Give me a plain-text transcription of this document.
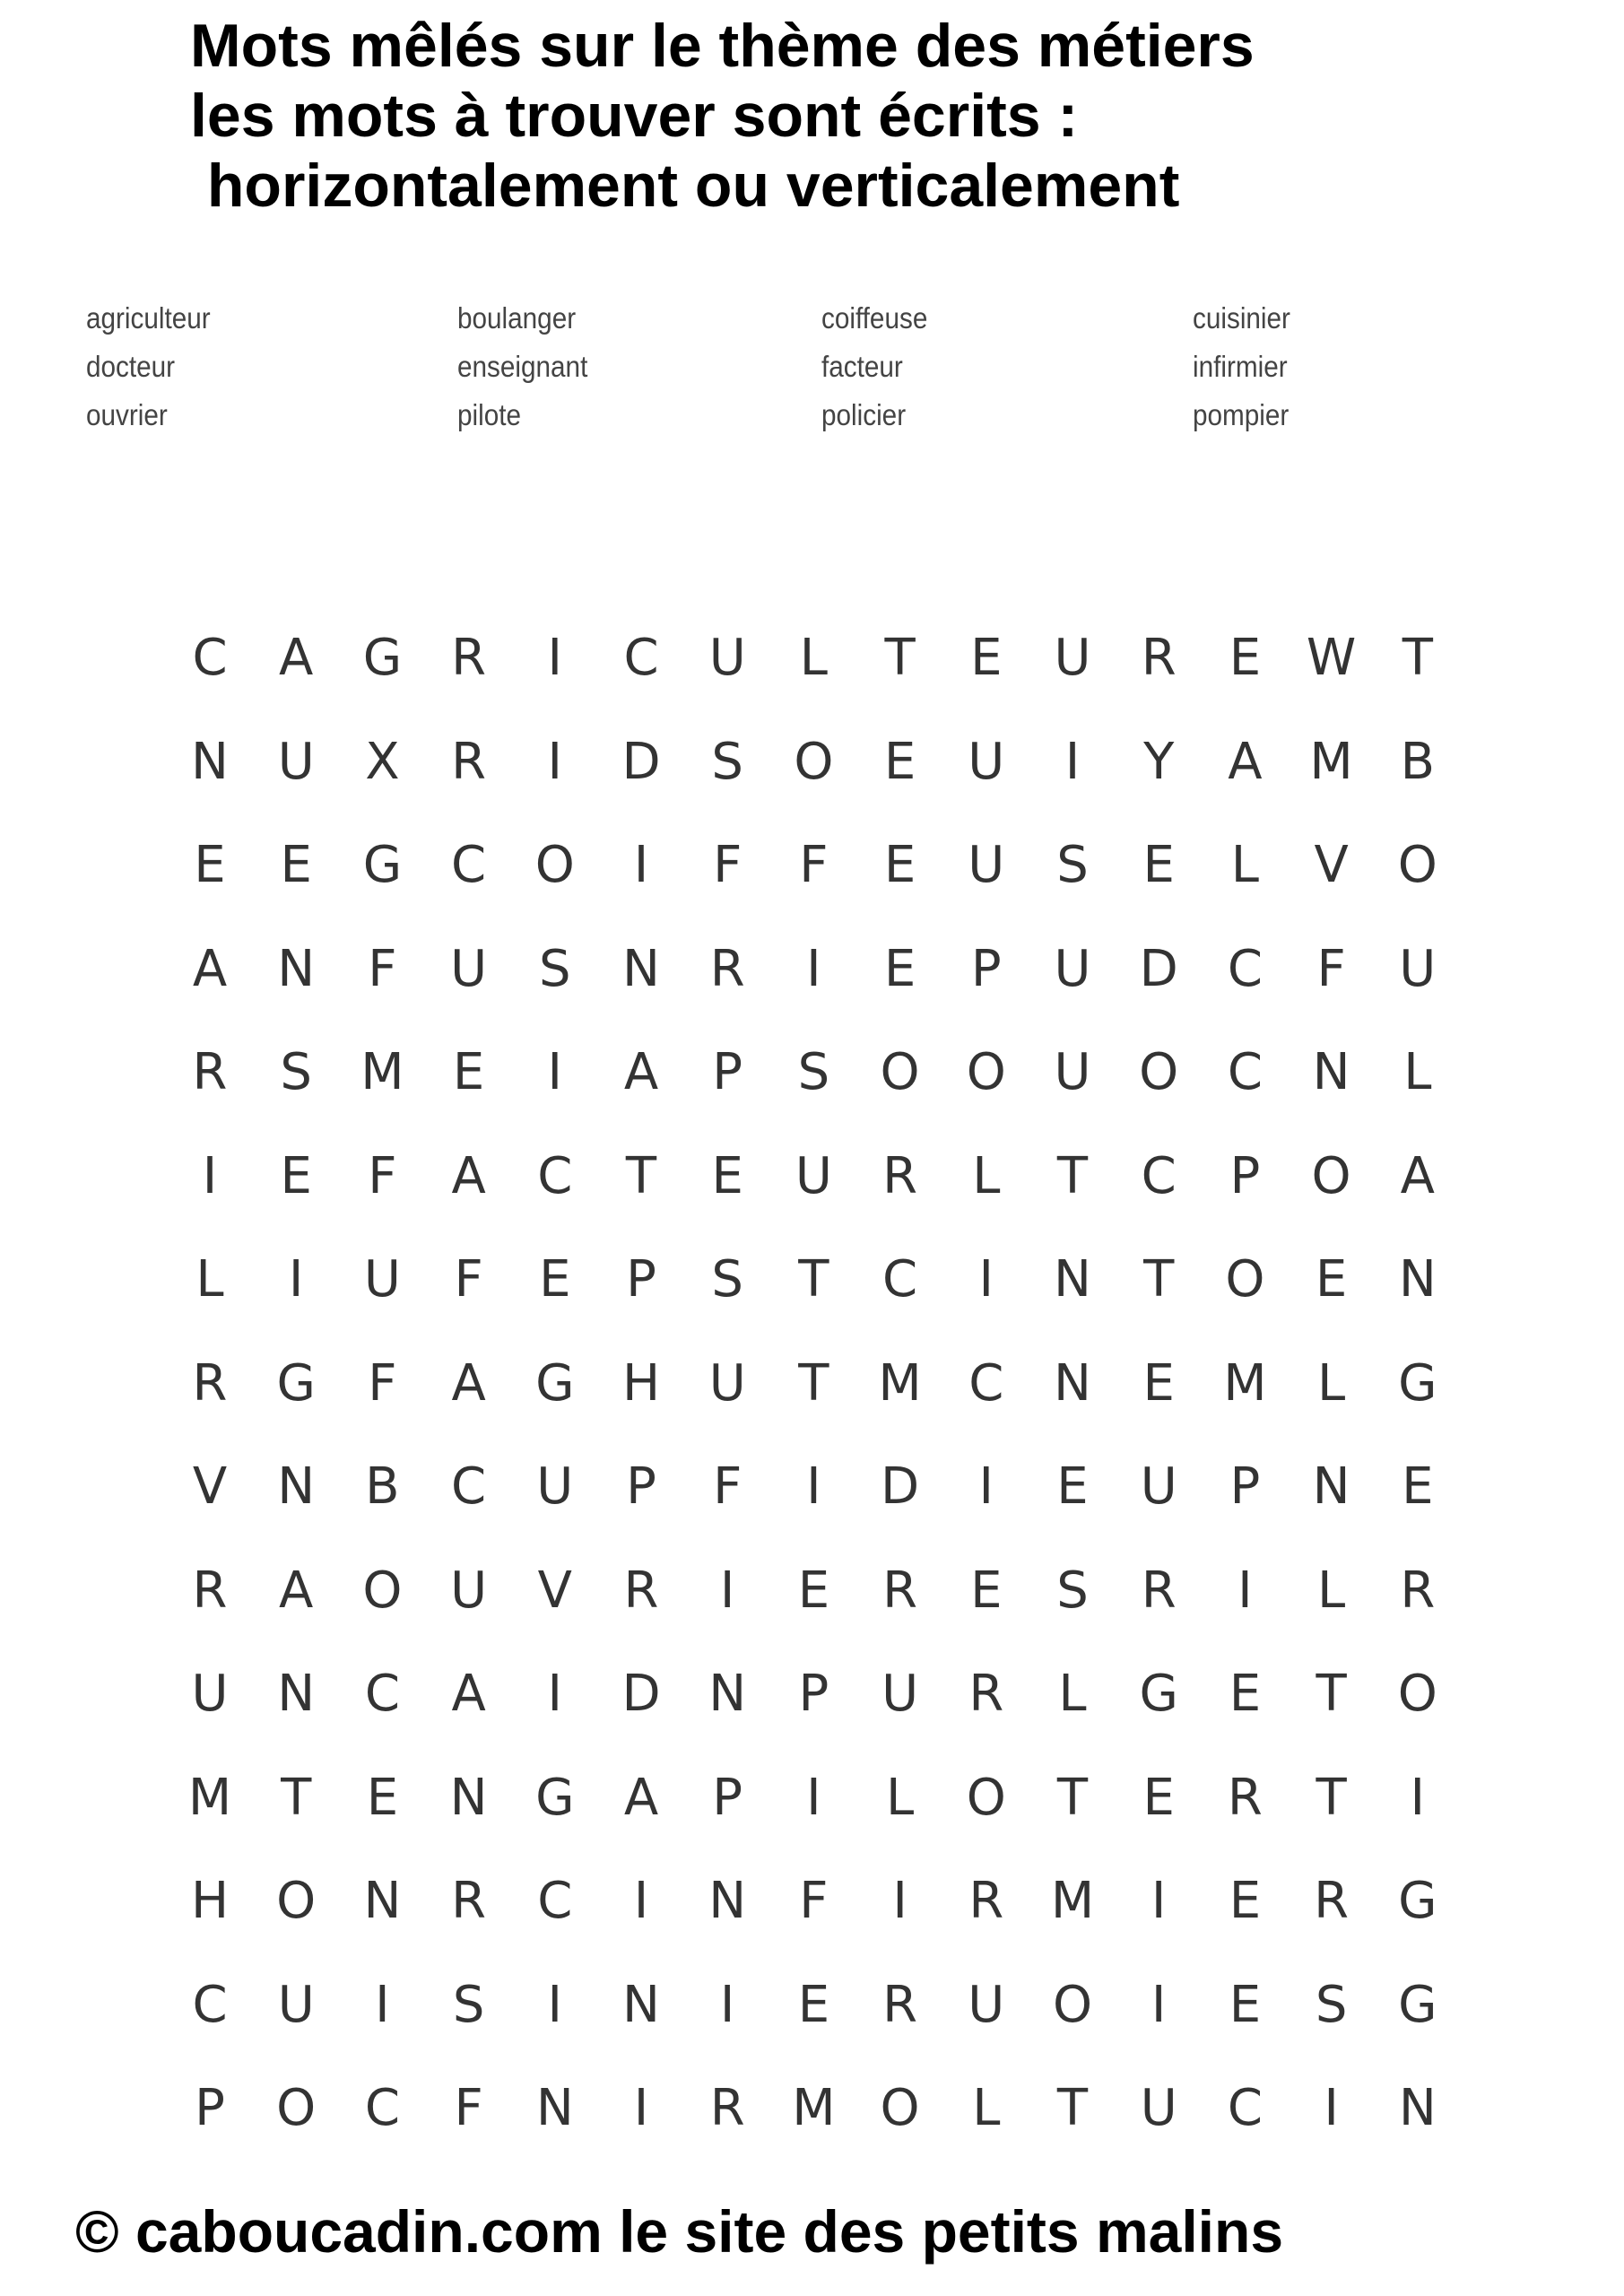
Mots mêlés sur le thème des métiers
les mots à trouver sont écrits :
horizontalement ou verticalement
agriculteur	boulanger	coiffeuse	cuisinier
docteur	enseignant	facteur	infirmier
ouvrier	pilote	policier	pompier
C	A G R	I	C	U	L	T	E	U	R	E W T
N U	X	R	I	D	S	O	E	U	I	Y	A M B
E	E	G C O	I	F	F	E	U	S	E	L	V O
A	N	F	U	S	N R	I	E	P	U D C	F	U
R	S M E	I	A	P	S	O O U O C N	L
I	E	F	A	C	T	E	U	R	L	T	C	P	O A
L	I	U	F	E	P	S	T	C	I	N	T	O	E	N
R G	F	A G H U	T M C N	E M	L	G
V	N	B	C	U	P	F	I	D	I	E	U	P	N	E
R	A O U	V	R	I	E	R	E	S	R	I	L	R
U N C	A	I	D N	P	U	R	L	G	E	T	O
M T	E	N G A	P	I	L	O	T	E	R	T	I
H O N R	C	I	N	F	I	R M	I	E	R G
C	U	I	S	I	N	I	E	R	U O	I	E	S	G
P	O C	F	N	I	R M O	L	T	U	C	I	N
© caboucadin.com le site des petits malins
